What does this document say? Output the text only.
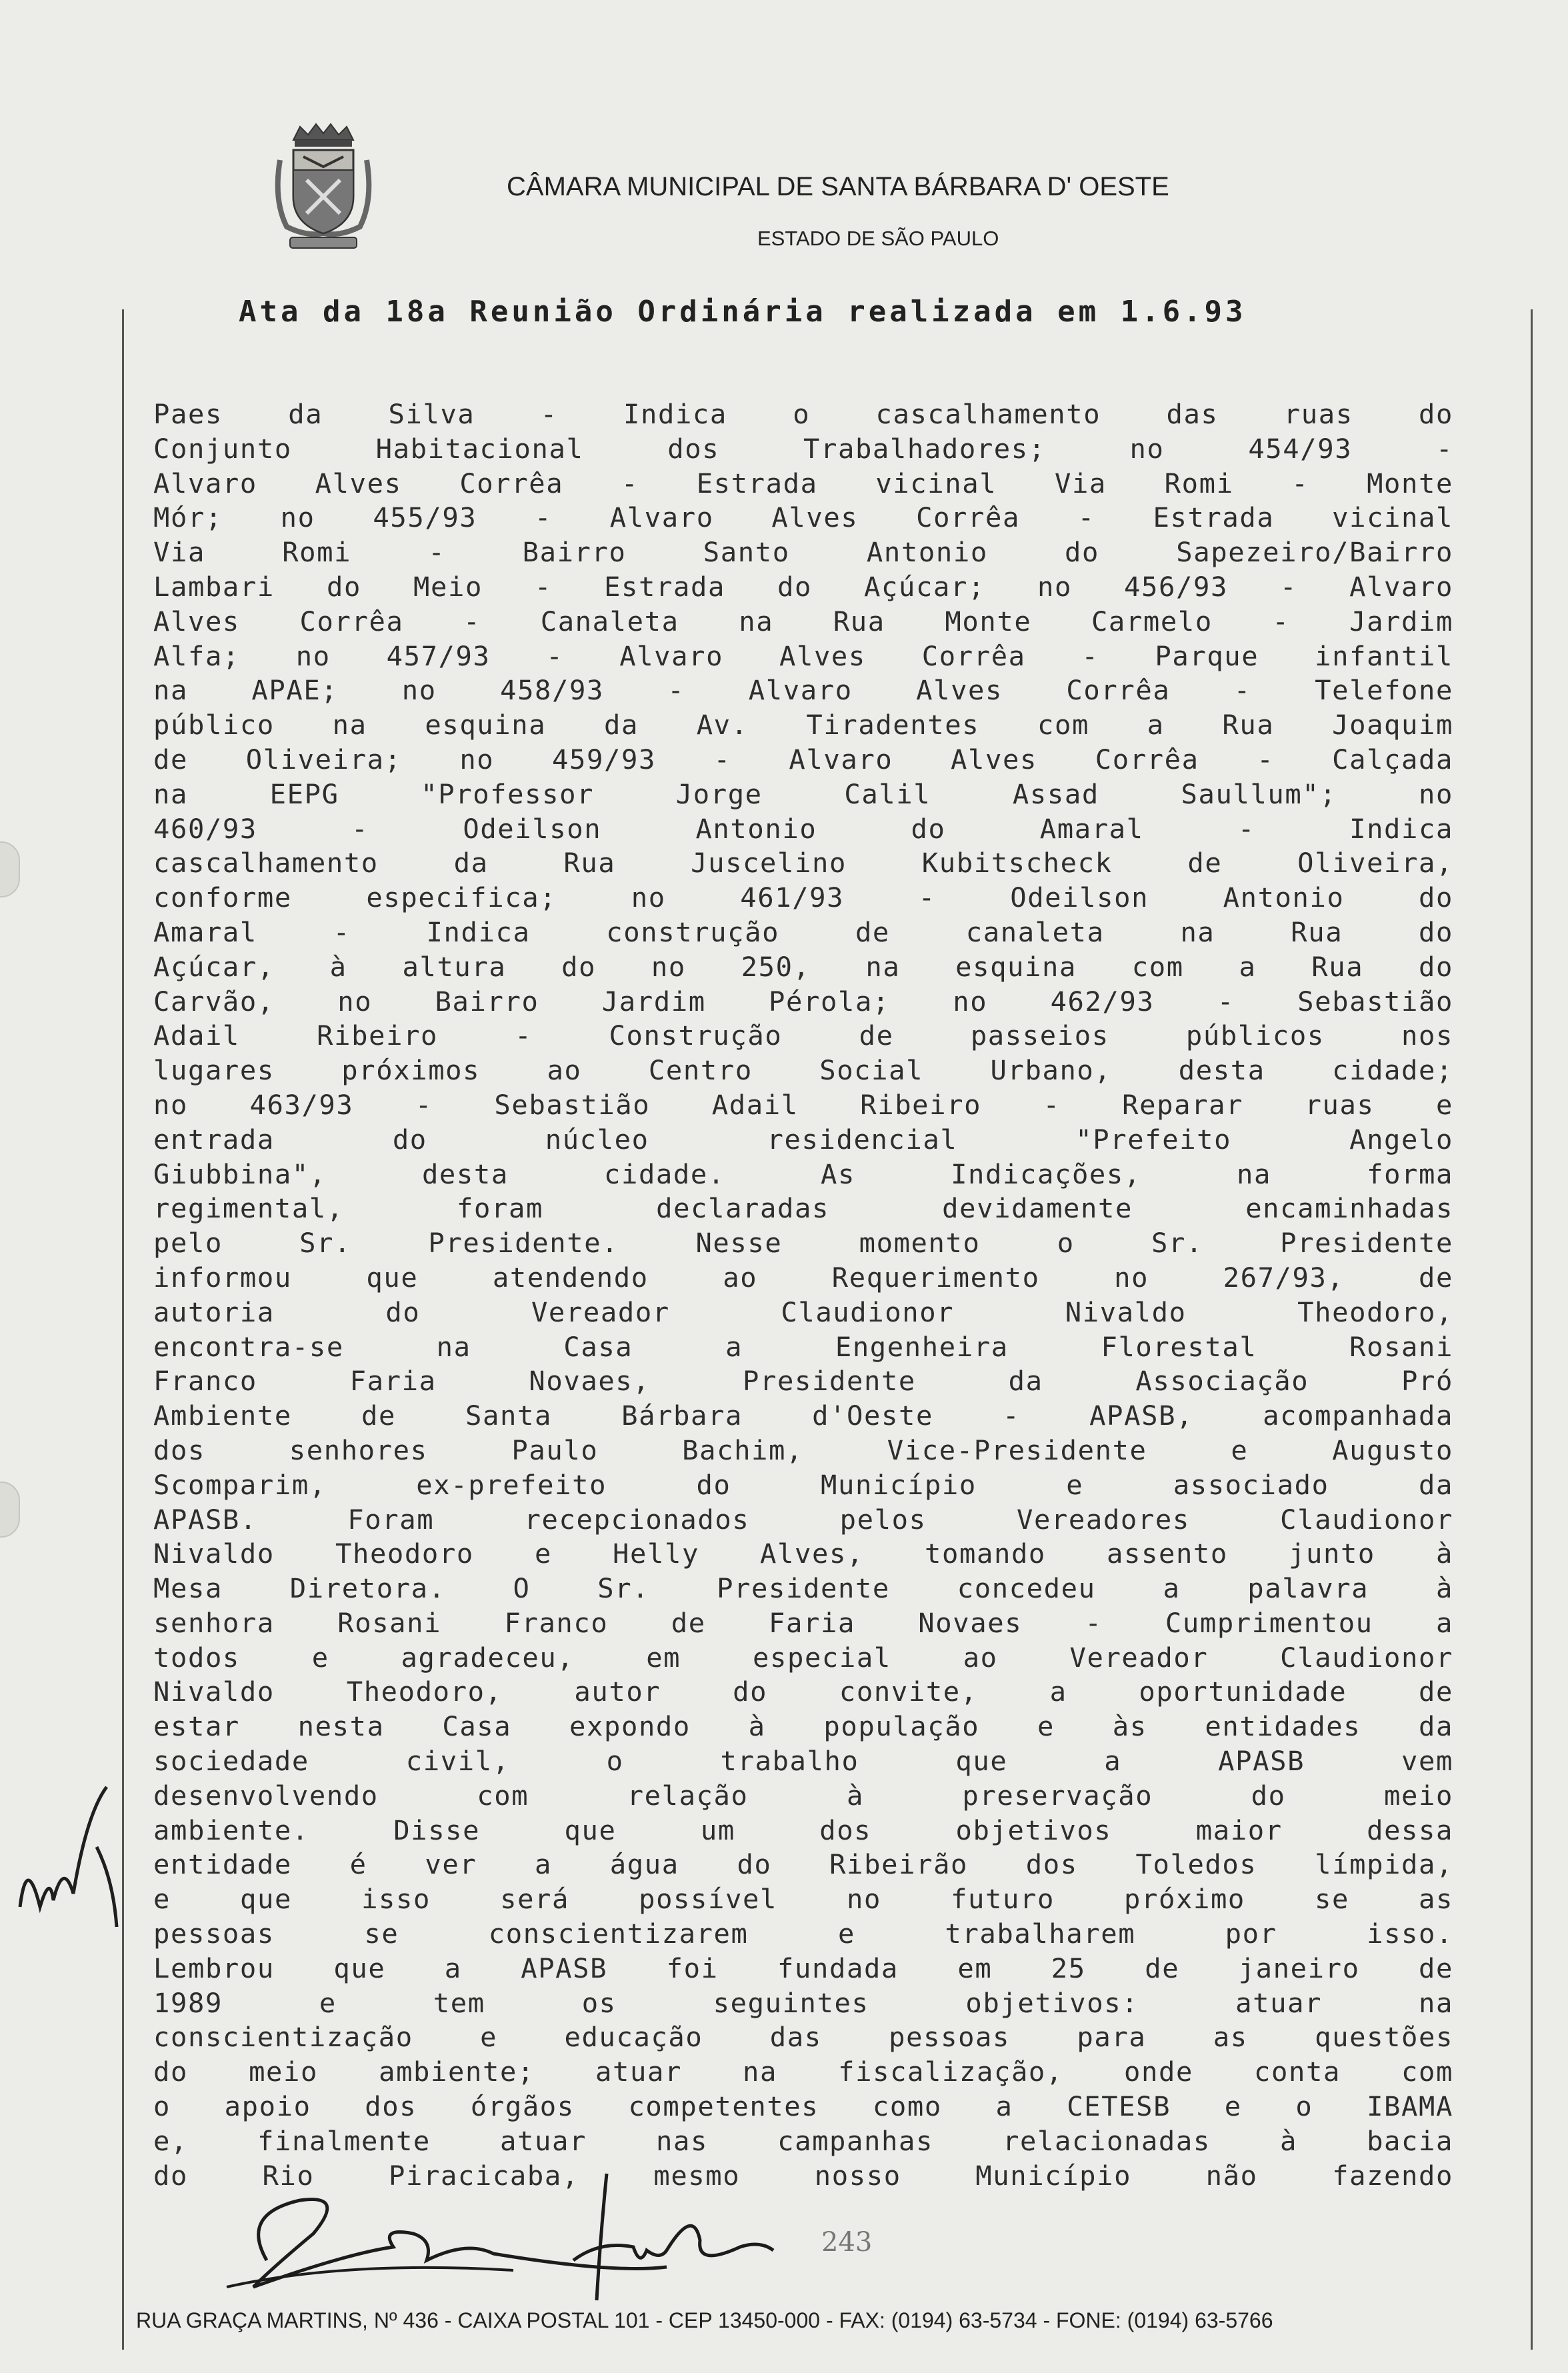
CÂMARA MUNICIPAL DE SANTA BÁRBARA D' OESTE
ESTADO DE SÃO PAULO
Ata da 18a Reunião Ordinária realizada em 1.6.93
Paes da Silva - Indica o cascalhamento das ruas do
Conjunto Habitacional dos Trabalhadores; no 454/93 -
Alvaro Alves Corrêa - Estrada vicinal Via Romi - Monte
Mór; no 455/93 - Alvaro Alves Corrêa - Estrada vicinal
Via Romi - Bairro Santo Antonio do Sapezeiro/Bairro
Lambari do Meio - Estrada do Açúcar; no 456/93 - Alvaro
Alves Corrêa - Canaleta na Rua Monte Carmelo - Jardim
Alfa; no 457/93 - Alvaro Alves Corrêa - Parque infantil
na APAE; no 458/93 - Alvaro Alves Corrêa - Telefone
público na esquina da Av. Tiradentes com a Rua Joaquim
de Oliveira; no 459/93 - Alvaro Alves Corrêa - Calçada
na EEPG "Professor Jorge Calil Assad Saullum"; no
460/93 - Odeilson Antonio do Amaral - Indica
cascalhamento da Rua Juscelino Kubitscheck de Oliveira,
conforme especifica; no 461/93 - Odeilson Antonio do
Amaral - Indica construção de canaleta na Rua do
Açúcar, à altura do no 250, na esquina com a Rua do
Carvão, no Bairro Jardim Pérola; no 462/93 - Sebastião
Adail Ribeiro - Construção de passeios públicos nos
lugares próximos ao Centro Social Urbano, desta cidade;
no 463/93 - Sebastião Adail Ribeiro - Reparar ruas e
entrada do núcleo residencial "Prefeito Angelo
Giubbina", desta cidade. As Indicações, na forma
regimental, foram declaradas devidamente encaminhadas
pelo Sr. Presidente. Nesse momento o Sr. Presidente
informou que atendendo ao Requerimento no 267/93, de
autoria do Vereador Claudionor Nivaldo Theodoro,
encontra-se na Casa a Engenheira Florestal Rosani
Franco Faria Novaes, Presidente da Associação Pró
Ambiente de Santa Bárbara d'Oeste - APASB, acompanhada
dos senhores Paulo Bachim, Vice-Presidente e Augusto
Scomparim, ex-prefeito do Município e associado da
APASB. Foram recepcionados pelos Vereadores Claudionor
Nivaldo Theodoro e Helly Alves, tomando assento junto à
Mesa Diretora. O Sr. Presidente concedeu a palavra à
senhora Rosani Franco de Faria Novaes - Cumprimentou a
todos e agradeceu, em especial ao Vereador Claudionor
Nivaldo Theodoro, autor do convite, a oportunidade de
estar nesta Casa expondo à população e às entidades da
sociedade civil, o trabalho que a APASB vem
desenvolvendo com relação à preservação do meio
ambiente. Disse que um dos objetivos maior dessa
entidade é ver a água do Ribeirão dos Toledos límpida,
e que isso será possível no futuro próximo se as
pessoas se conscientizarem e trabalharem por isso.
Lembrou que a APASB foi fundada em 25 de janeiro de
1989 e tem os seguintes objetivos: atuar na
conscientização e educação das pessoas para as questões
do meio ambiente; atuar na fiscalização, onde conta com
o apoio dos órgãos competentes como a CETESB e o IBAMA
e, finalmente atuar nas campanhas relacionadas à bacia
do Rio Piracicaba, mesmo nosso Município não fazendo
243
RUA GRAÇA MARTINS, Nº 436 - CAIXA POSTAL 101 - CEP 13450-000 - FAX: (0194) 63-5734 - FONE: (0194) 63-5766
